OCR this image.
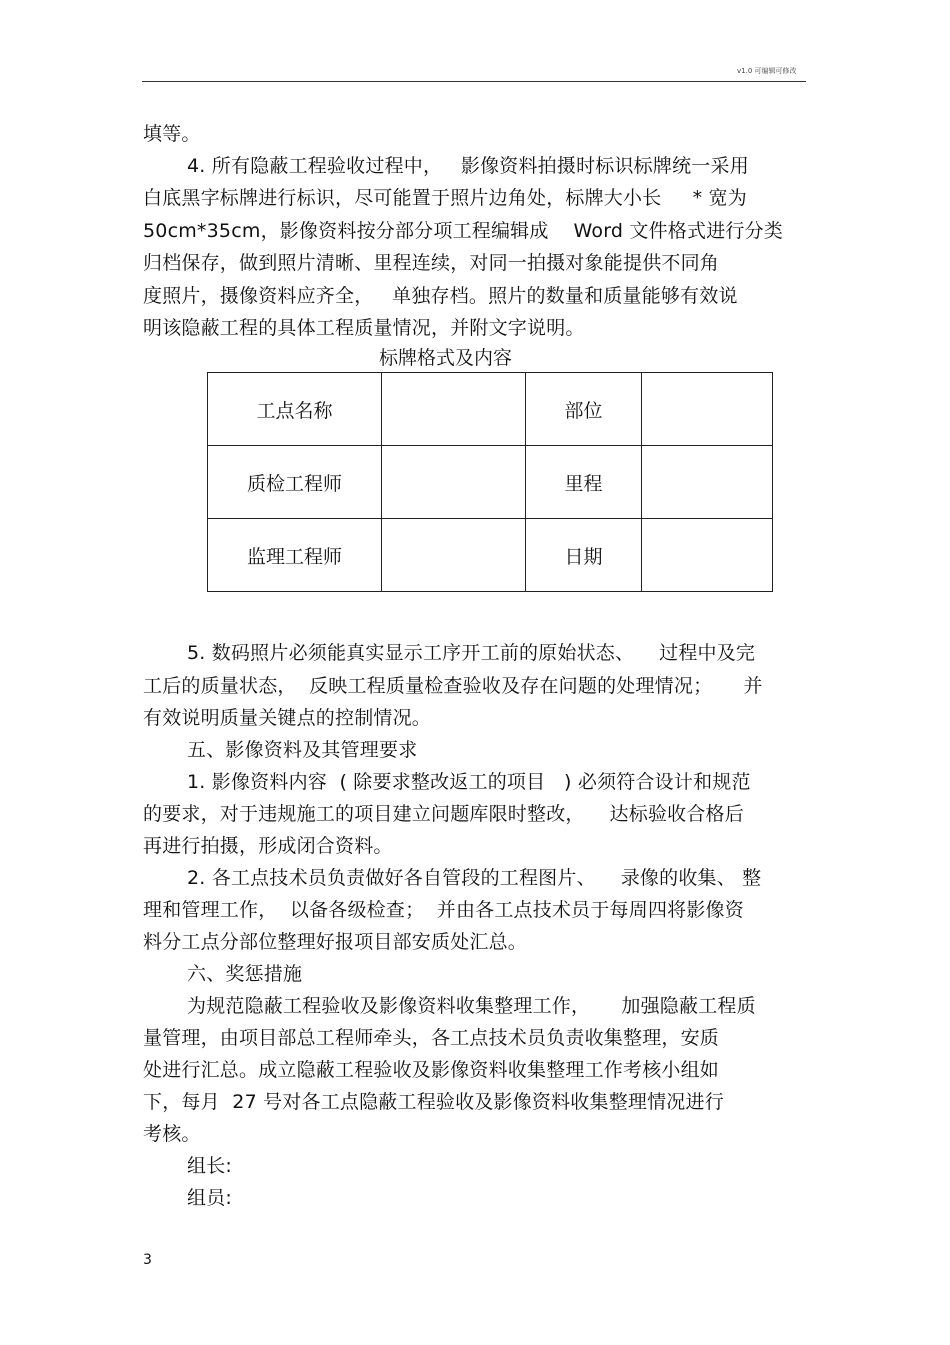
v1.0 可编辑可修改
填等。
4. 所有隐蔽工程验收过程中，   影像资料拍摄时标识标牌统一采用
白底黑字标牌进行标识，尽可能置于照片边角处，标牌大小长     * 宽为
50cm*35cm，影像资料按分部分项工程编辑成    Word 文件格式进行分类
归档保存，做到照片清晰、里程连续，对同一拍摄对象能提供不同角
度照片，摄像资料应齐全，   单独存档。照片的数量和质量能够有效说
明该隐蔽工程的具体工程质量情况，并附文字说明。
标牌格式及内容
工点名称		部位	
质检工程师		里程	
监理工程师		日期	
5. 数码照片必须能真实显示工序开工前的原始状态、    过程中及完
工后的质量状态，  反映工程质量检查验收及存在问题的处理情况；     并
有效说明质量关键点的控制情况。
五、影像资料及其管理要求
1. 影像资料内容  ( 除要求整改返工的项目   ) 必须符合设计和规范
的要求，对于违规施工的项目建立问题库限时整改，    达标验收合格后
再进行拍摄，形成闭合资料。
2. 各工点技术员负责做好各自管段的工程图片、    录像的收集、 整
理和管理工作，  以备各级检查；  并由各工点技术员于每周四将影像资
料分工点分部位整理好报项目部安质处汇总。
六、奖惩措施
为规范隐蔽工程验收及影像资料收集整理工作，     加强隐蔽工程质
量管理，由项目部总工程师牵头，各工点技术员负责收集整理，安质
处进行汇总。成立隐蔽工程验收及影像资料收集整理工作考核小组如
下，每月  27 号对各工点隐蔽工程验收及影像资料收集整理情况进行
考核。
组长:
组员:
3
